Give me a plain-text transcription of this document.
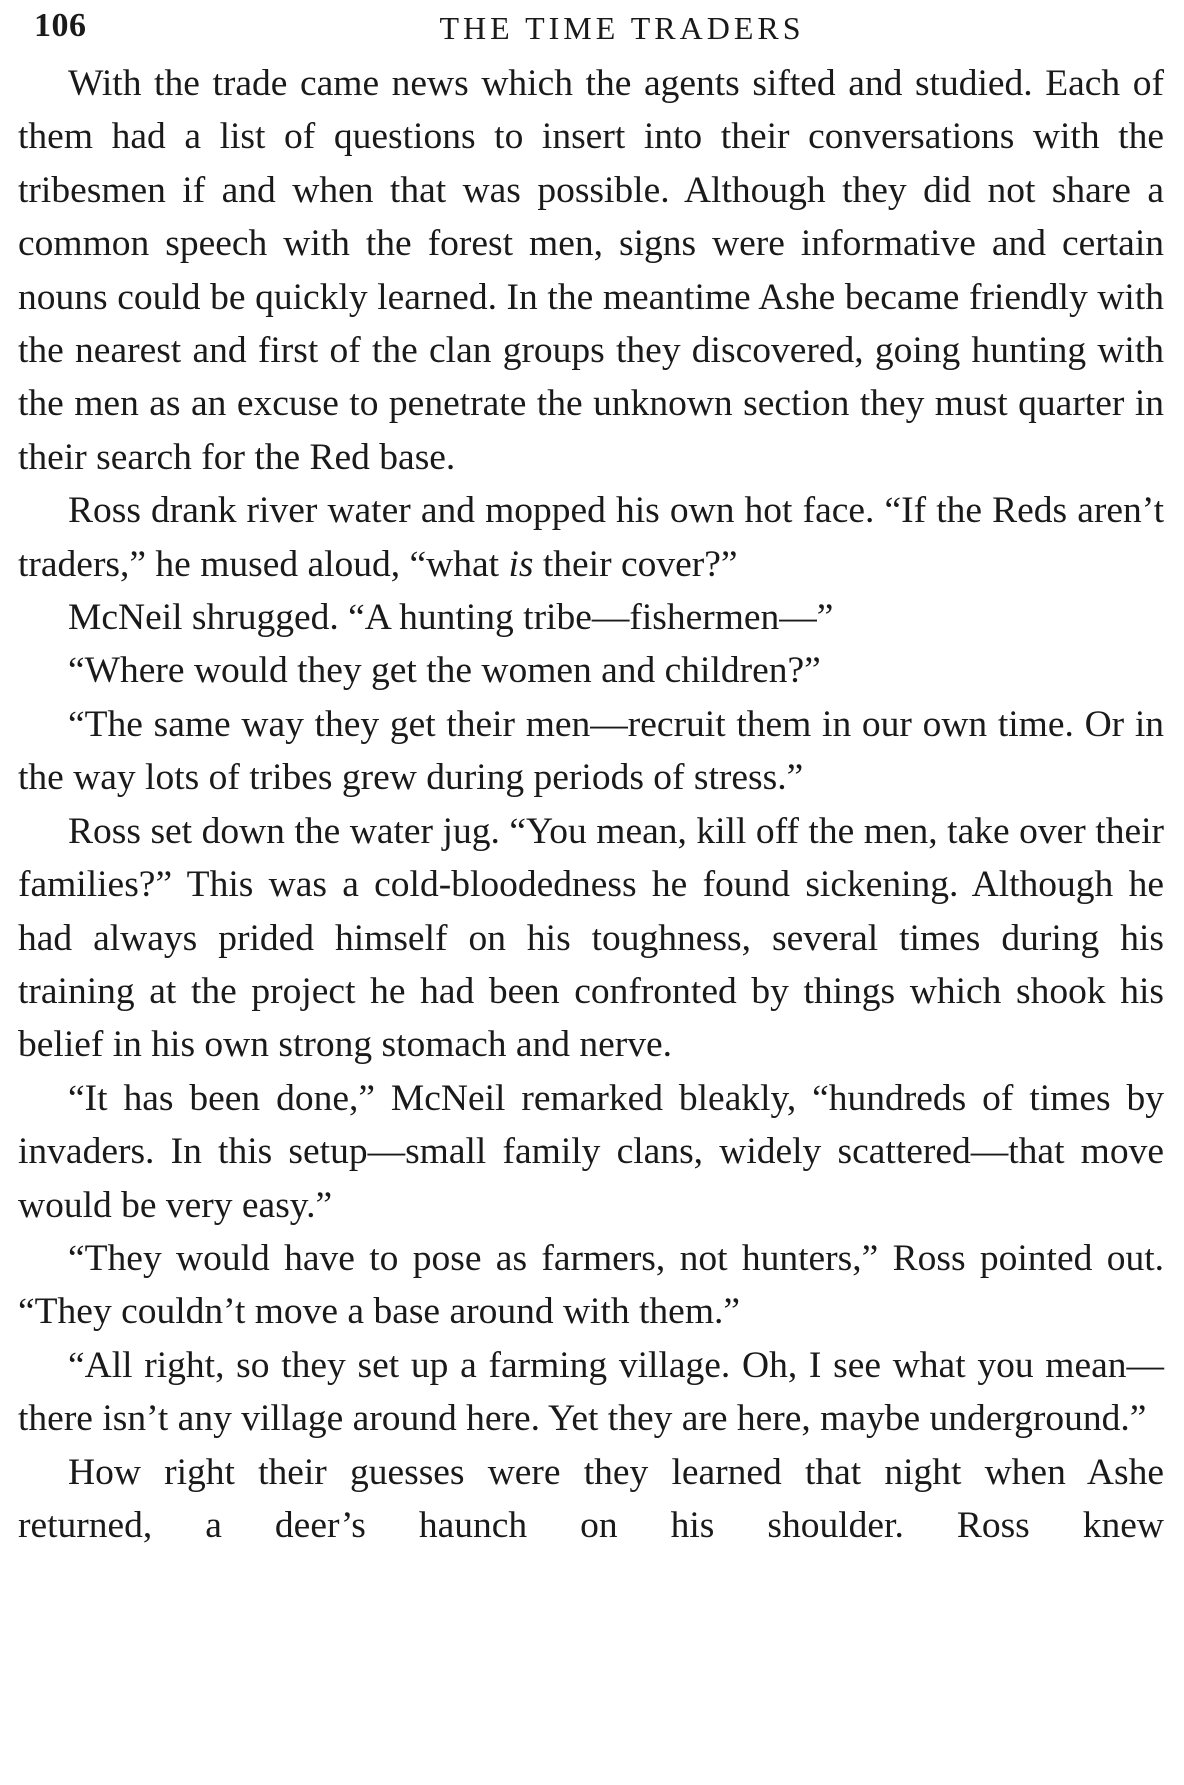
106	THE TIME TRADERS

With the trade came news which the agents sifted and studied. Each of them had a list of questions to insert into their conversations with the tribesmen if and when that was possible. Although they did not share a common speech with the forest men, signs were informative and certain nouns could be quickly learned. In the meantime Ashe became friendly with the nearest and first of the clan groups they discovered, going hunting with the men as an excuse to penetrate the unknown section they must quarter in their search for the Red base.

Ross drank river water and mopped his own hot face. “If the Reds aren’t traders,” he mused aloud, “what is their cover?”

McNeil shrugged. “A hunting tribe—fishermen—”

“Where would they get the women and children?”

“The same way they get their men—recruit them in our own time. Or in the way lots of tribes grew during periods of stress.”

Ross set down the water jug. “You mean, kill off the men, take over their families?” This was a cold-bloodedness he found sickening. Although he had always prided himself on his toughness, several times during his training at the project he had been confronted by things which shook his belief in his own strong stomach and nerve.

“It has been done,” McNeil remarked bleakly, “hundreds of times by invaders. In this setup—small family clans, widely scattered—that move would be very easy.”

“They would have to pose as farmers, not hunters,” Ross pointed out. “They couldn’t move a base around with them.”

“All right, so they set up a farming village. Oh, I see what you mean—there isn’t any village around here. Yet they are here, maybe underground.”

How right their guesses were they learned that night when Ashe returned, a deer’s haunch on his shoulder. Ross knew
